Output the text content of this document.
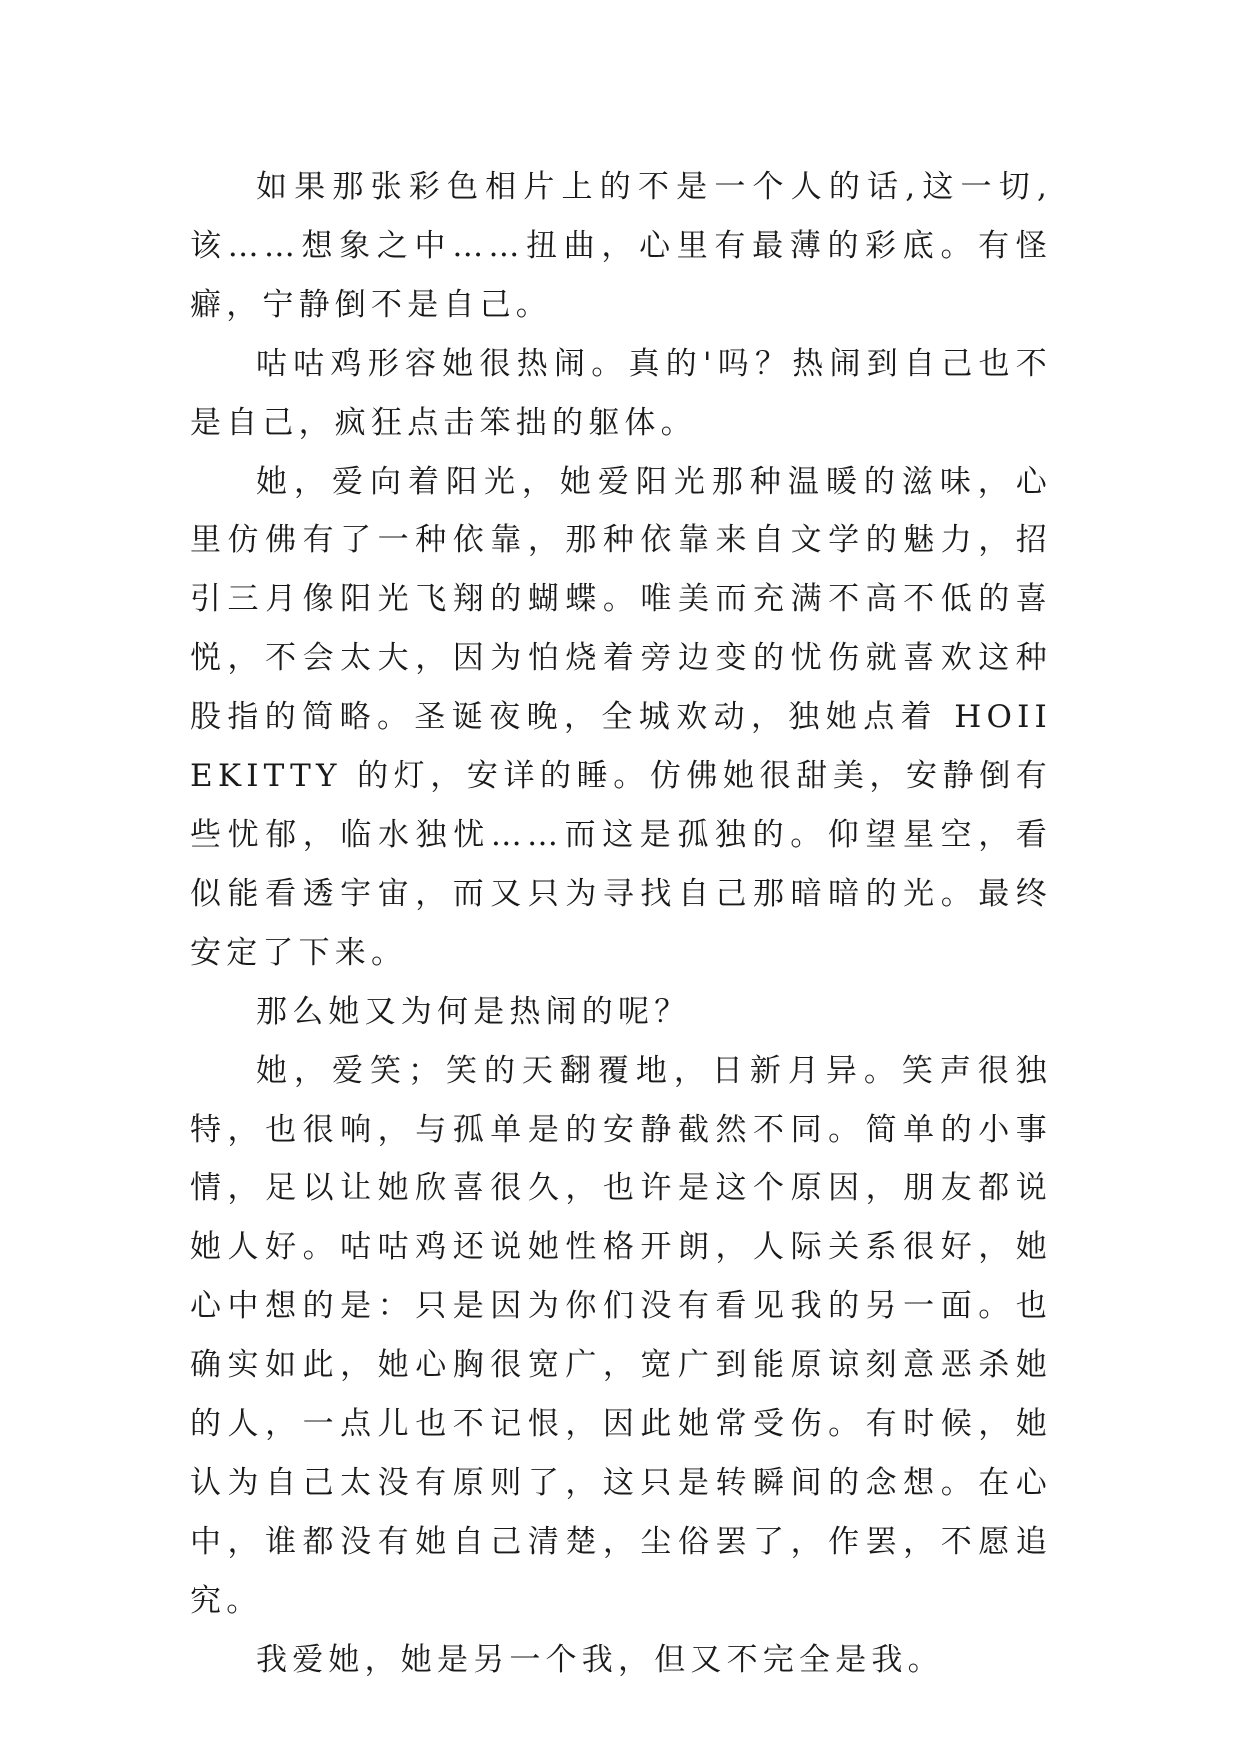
如果那张彩色相片上的不是一个人的话,这一切,该……想象之中……扭曲，心里有最薄的彩底。有怪癖，宁静倒不是自己。

咕咕鸡形容她很热闹。真的'吗？热闹到自己也不是自己，疯狂点击笨拙的躯体。

她，爱向着阳光，她爱阳光那种温暖的滋味，心里仿佛有了一种依靠，那种依靠来自文学的魅力，招引三月像阳光飞翔的蝴蝶。唯美而充满不高不低的喜悦，不会太大，因为怕烧着旁边变的忧伤就喜欢这种股指的简略。圣诞夜晚，全城欢动，独她点着 HOIIEKITTY 的灯，安详的睡。仿佛她很甜美，安静倒有些忧郁，临水独忧……而这是孤独的。仰望星空，看似能看透宇宙，而又只为寻找自己那暗暗的光。最终安定了下来。

那么她又为何是热闹的呢？

她，爱笑；笑的天翻覆地，日新月异。笑声很独特，也很响，与孤单是的安静截然不同。简单的小事情，足以让她欣喜很久，也许是这个原因，朋友都说她人好。咕咕鸡还说她性格开朗，人际关系很好，她心中想的是：只是因为你们没有看见我的另一面。也确实如此，她心胸很宽广，宽广到能原谅刻意恶杀她的人，一点儿也不记恨，因此她常受伤。有时候，她认为自己太没有原则了，这只是转瞬间的念想。在心中，谁都没有她自己清楚，尘俗罢了，作罢，不愿追究。

我爱她，她是另一个我，但又不完全是我。
